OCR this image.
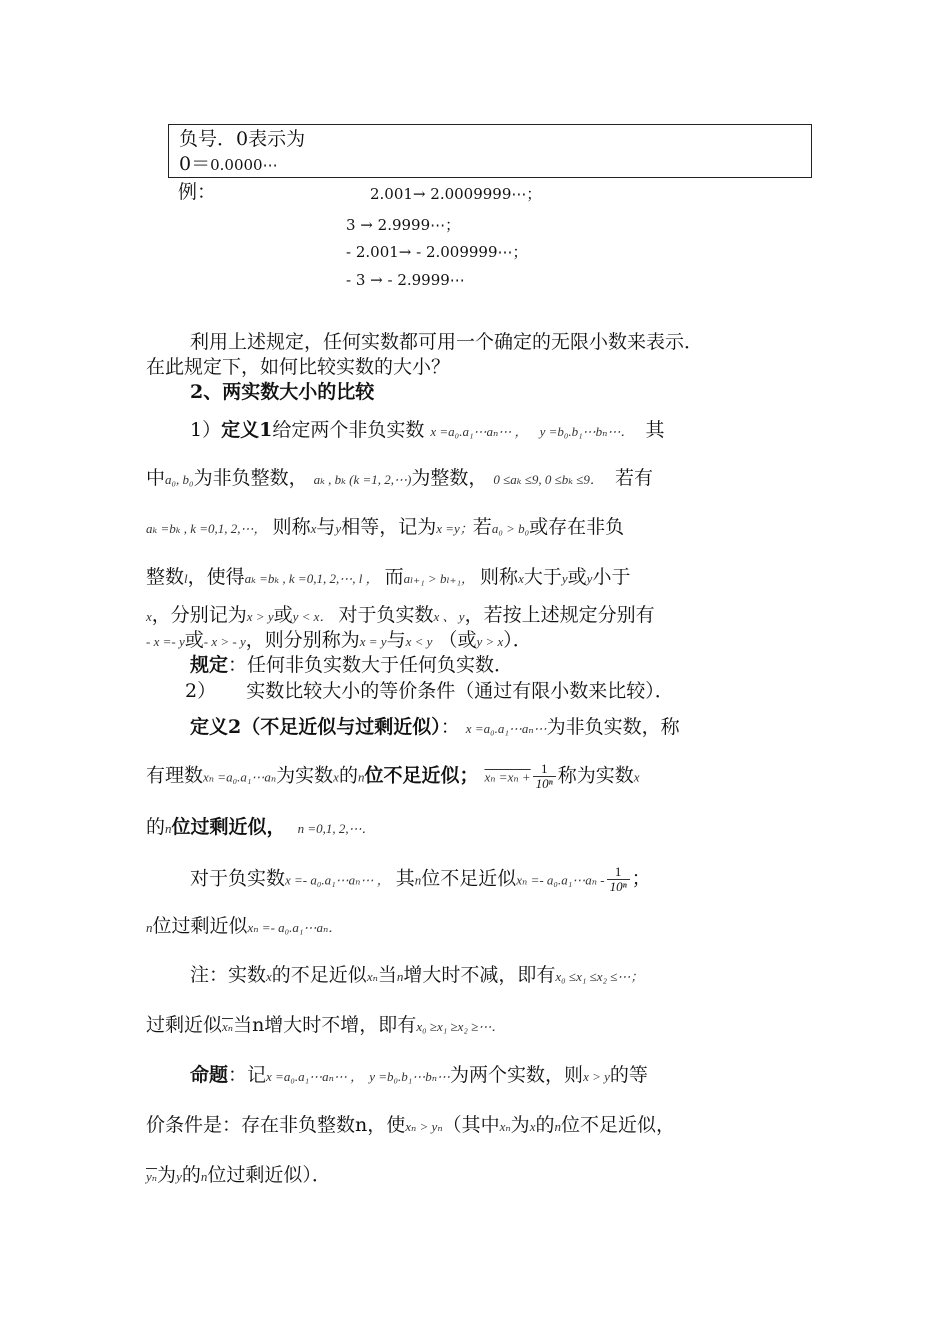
负号．0表示为
0＝0.0000⋯
例：	2.001→ 2.0009999⋯；
3 → 2.9999⋯；
- 2.001→ - 2.009999⋯；
- 3 → - 2.9999⋯
利用上述规定，任何实数都可用一个确定的无限小数来表示．
在此规定下，如何比较实数的大小？
2、两实数大小的比较
1）定义1给定两个非负实数 x =a₀.a₁⋯aₙ⋯ ， y =b₀.b₁⋯bₙ⋯． 其
中a₀, b₀为非负整数， aₖ , bₖ (k =1, 2,⋯)为整数， 0 ≤aₖ ≤9, 0 ≤bₖ ≤9． 若有
aₖ =bₖ , k =0,1, 2,⋯， 则称x与y相等，记为x =y；若a₀ > b₀或存在非负
整数l，使得aₖ =bₖ , k =0,1, 2,⋯, l ， 而aₗ₊₁ > bₗ₊₁， 则称x大于y或y小于
x，分别记为x > y或y < x． 对于负实数x 、 y，若按上述规定分别有
- x =- y或- x > - y，则分别称为x = y与x < y （或y > x）．
规定：任何非负实数大于任何负实数．
2） 实数比较大小的等价条件（通过有限小数来比较）．
定义2（不足近似与过剩近似）： x =a₀.a₁⋯aₙ⋯为非负实数，称
有理数xₙ =a₀.a₁⋯aₙ为实数x的n位不足近似； $x_n =x_n + \frac{1}{\text{10ⁿ}}$ 称为实数x
的n位过剩近似， n =0,1, 2,⋯．
对于负实数x =- a₀.a₁⋯aₙ⋯ ， 其n位不足近似xₙ =- a₀.a₁⋯aₙ - $\frac{1}{\text{10ⁿ}}$ ；
n位过剩近似xₙ =- a₀.a₁⋯aₙ．
注：实数x的不足近似xₙ当n增大时不减，即有x₀ ≤x₁ ≤x₂ ≤⋯；
过剩近似$\overline{x_n}$当n增大时不增，即有x₀ ≥x₁ ≥x₂ ≥⋯．
命题：记x =a₀.a₁⋯aₙ⋯ ， y =b₀.b₁⋯bₙ⋯为两个实数，则x > y的等
价条件是：存在非负整数n，使xₙ > yₙ（其中xₙ为x的n位不足近似，
$\overline{y_n}$为y的n位过剩近似）．
